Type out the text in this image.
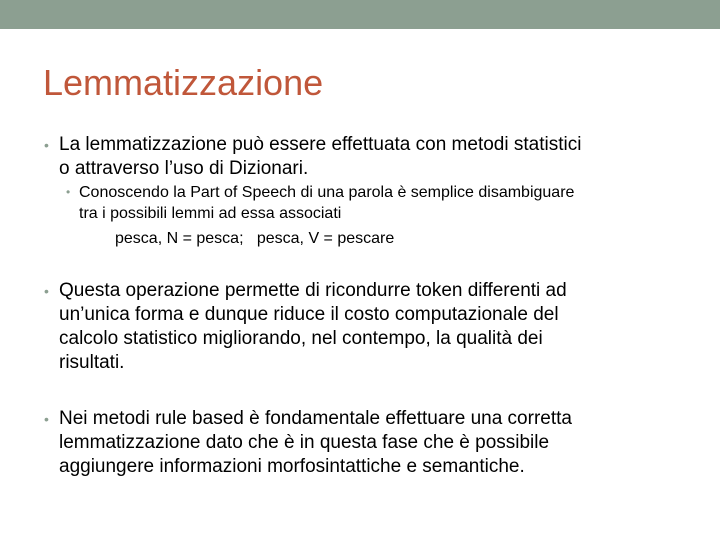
Lemmatizzazione
• La lemmatizzazione può essere effettuata con metodi statistici
o attraverso l’uso di Dizionari.
• Conoscendo la Part of Speech di una parola è semplice disambiguare
tra i possibili lemmi ad essa associati
pesca, N = pesca;   pesca, V = pescare
• Questa operazione permette di ricondurre token differenti ad
un’unica forma e dunque riduce il costo computazionale del
calcolo statistico migliorando, nel contempo, la qualità dei
risultati.
• Nei metodi rule based è fondamentale effettuare una corretta
lemmatizzazione dato che è in questa fase che è possibile
aggiungere informazioni morfosintattiche e semantiche.
